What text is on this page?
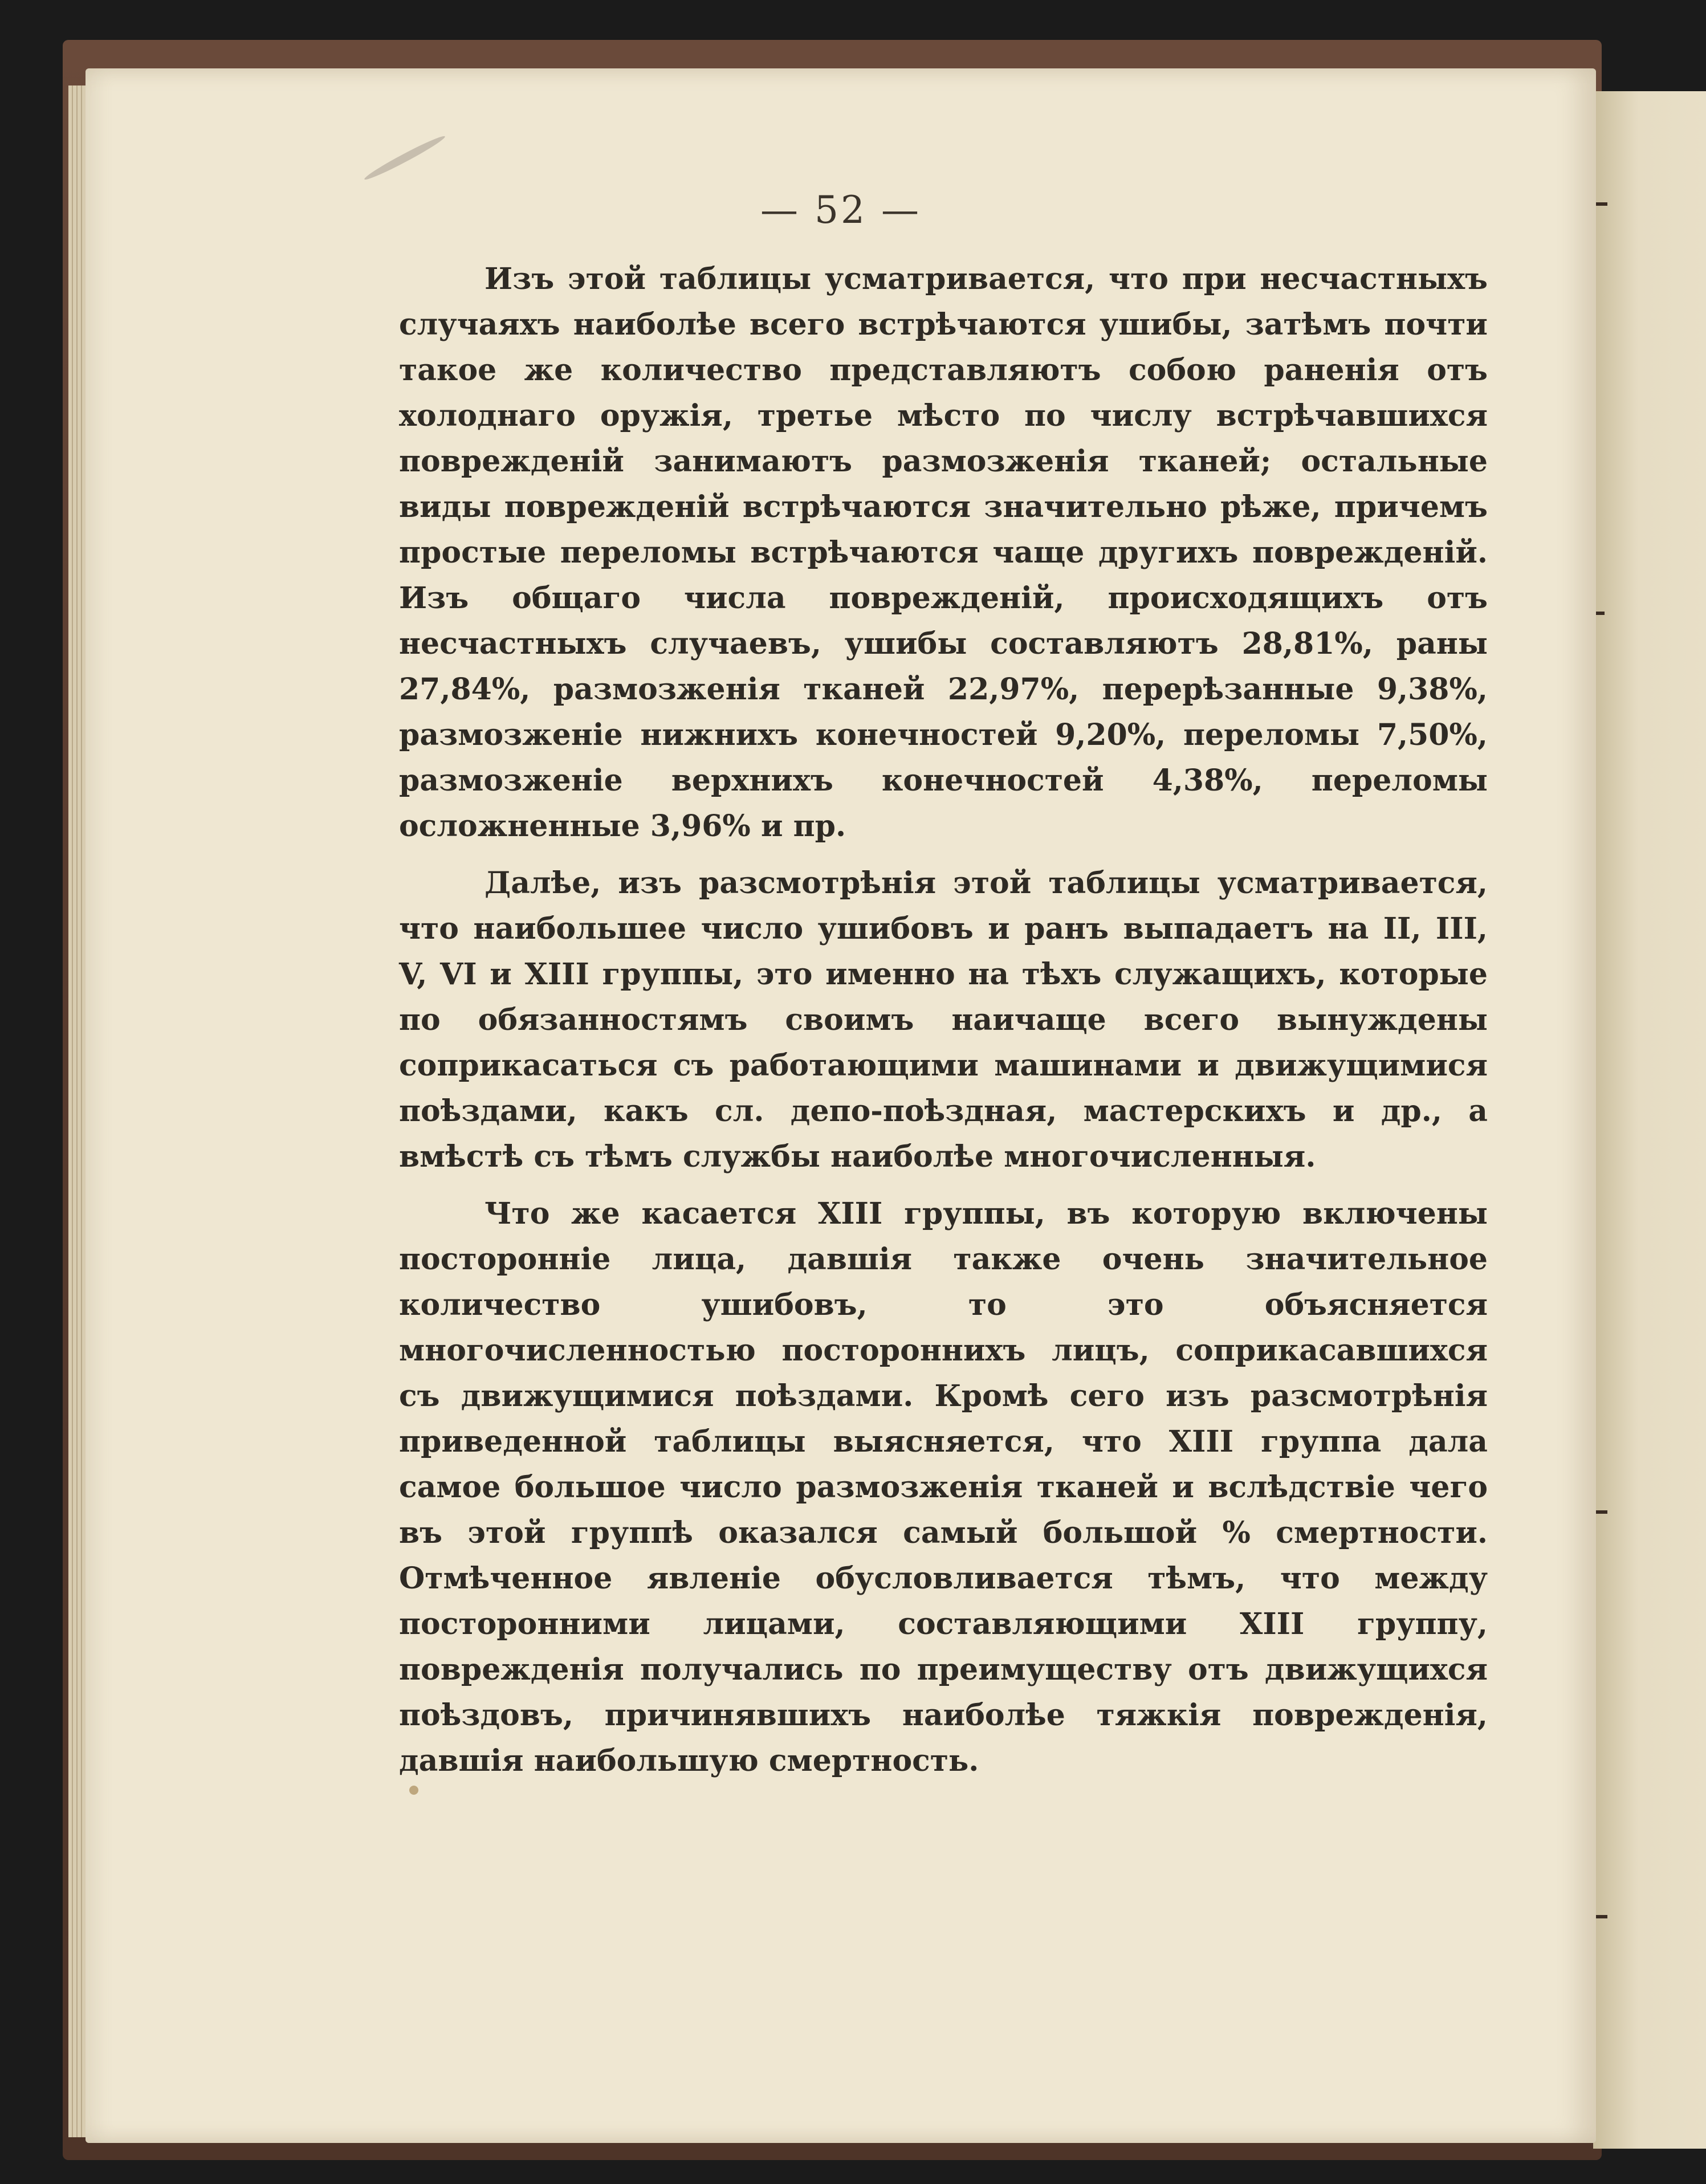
— 52 —

Изъ этой таблицы усматривается, что при несчастныхъ случаяхъ наиболѣе всего встрѣчаются ушибы, затѣмъ почти такое же количество представляютъ собою раненія отъ холоднаго оружія, третье мѣсто по числу встрѣчавшихся поврежденій занимаютъ размозженія тканей; остальные виды поврежденій встрѣчаются значительно рѣже, причемъ простые переломы встрѣчаются чаще другихъ поврежденій. Изъ общаго числа поврежденій, происходящихъ отъ несчастныхъ случаевъ, ушибы составляютъ 28,81%, раны 27,84%, размозженія тканей 22,97%, перерѣзанные 9,38%, размозженіе нижнихъ конечностей 9,20%, переломы 7,50%, размозженіе верхнихъ конечностей 4,38%, переломы осложненные 3,96% и пр.

Далѣе, изъ разсмотрѣнія этой таблицы усматривается, что наибольшее число ушибовъ и ранъ выпадаетъ на II, III, V, VI и XIII группы, это именно на тѣхъ служащихъ, которые по обязанностямъ своимъ наичаще всего вынуждены соприкасаться съ работающими машинами и движущимися поѣздами, какъ сл. депо-поѣздная, мастерскихъ и др., а вмѣстѣ съ тѣмъ службы наиболѣе многочисленныя.

Что же касается XIII группы, въ которую включены посторонніе лица, давшія также очень значительное количество ушибовъ, то это объясняется многочисленностью постороннихъ лицъ, соприкасавшихся съ движущимися поѣздами. Кромѣ сего изъ разсмотрѣнія приведенной таблицы выясняется, что XIII группа дала самое большое число размозженія тканей и вслѣдствіе чего въ этой группѣ оказался самый большой % смертности. Отмѣченное явленіе обусловливается тѣмъ, что между посторонними лицами, составляющими XIII группу, поврежденія получались по преимуществу отъ движущихся поѣздовъ, причинявшихъ наиболѣе тяжкія поврежденія, давшія наибольшую смертность.
